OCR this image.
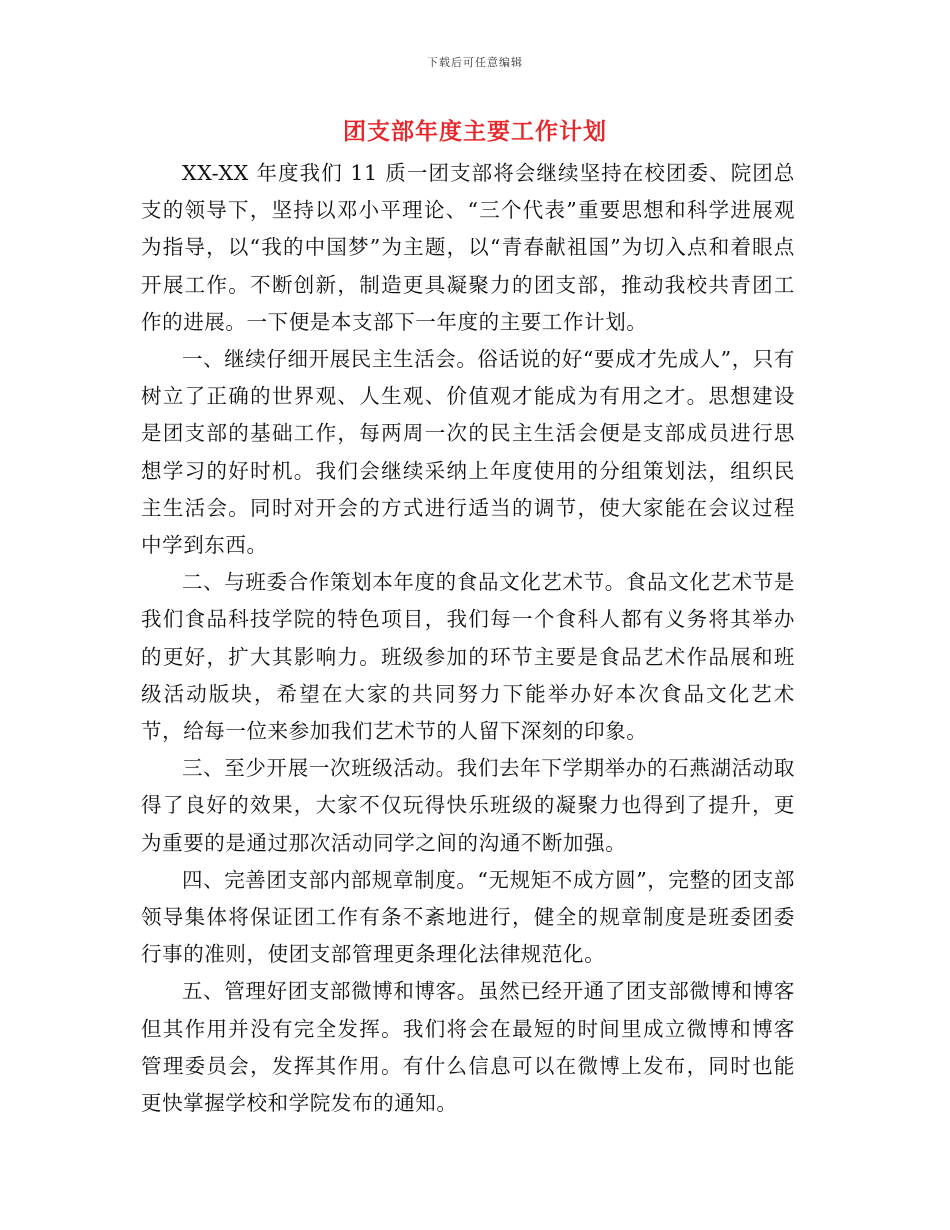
下载后可任意编辑
团支部年度主要工作计划

XX-XX 年度我们 11 质一团支部将会继续坚持在校团委、院团总支的领导下，坚持以邓小平理论、“三个代表”重要思想和科学进展观为指导，以“我的中国梦”为主题，以“青春献祖国”为切入点和着眼点开展工作。不断创新，制造更具凝聚力的团支部，推动我校共青团工作的进展。一下便是本支部下一年度的主要工作计划。

一、继续仔细开展民主生活会。俗话说的好“要成才先成人”，只有树立了正确的世界观、人生观、价值观才能成为有用之才。思想建设是团支部的基础工作，每两周一次的民主生活会便是支部成员进行思想学习的好时机。我们会继续采纳上年度使用的分组策划法，组织民主生活会。同时对开会的方式进行适当的调节，使大家能在会议过程中学到东西。

二、与班委合作策划本年度的食品文化艺术节。食品文化艺术节是我们食品科技学院的特色项目，我们每一个食科人都有义务将其举办的更好，扩大其影响力。班级参加的环节主要是食品艺术作品展和班级活动版块，希望在大家的共同努力下能举办好本次食品文化艺术节，给每一位来参加我们艺术节的人留下深刻的印象。

三、至少开展一次班级活动。我们去年下学期举办的石燕湖活动取得了良好的效果，大家不仅玩得快乐班级的凝聚力也得到了提升，更为重要的是通过那次活动同学之间的沟通不断加强。

四、完善团支部内部规章制度。“无规矩不成方圆”，完整的团支部领导集体将保证团工作有条不紊地进行，健全的规章制度是班委团委行事的准则，使团支部管理更条理化法律规范化。

五、管理好团支部微博和博客。虽然已经开通了团支部微博和博客但其作用并没有完全发挥。我们将会在最短的时间里成立微博和博客管理委员会，发挥其作用。有什么信息可以在微博上发布，同时也能更快掌握学校和学院发布的通知。
